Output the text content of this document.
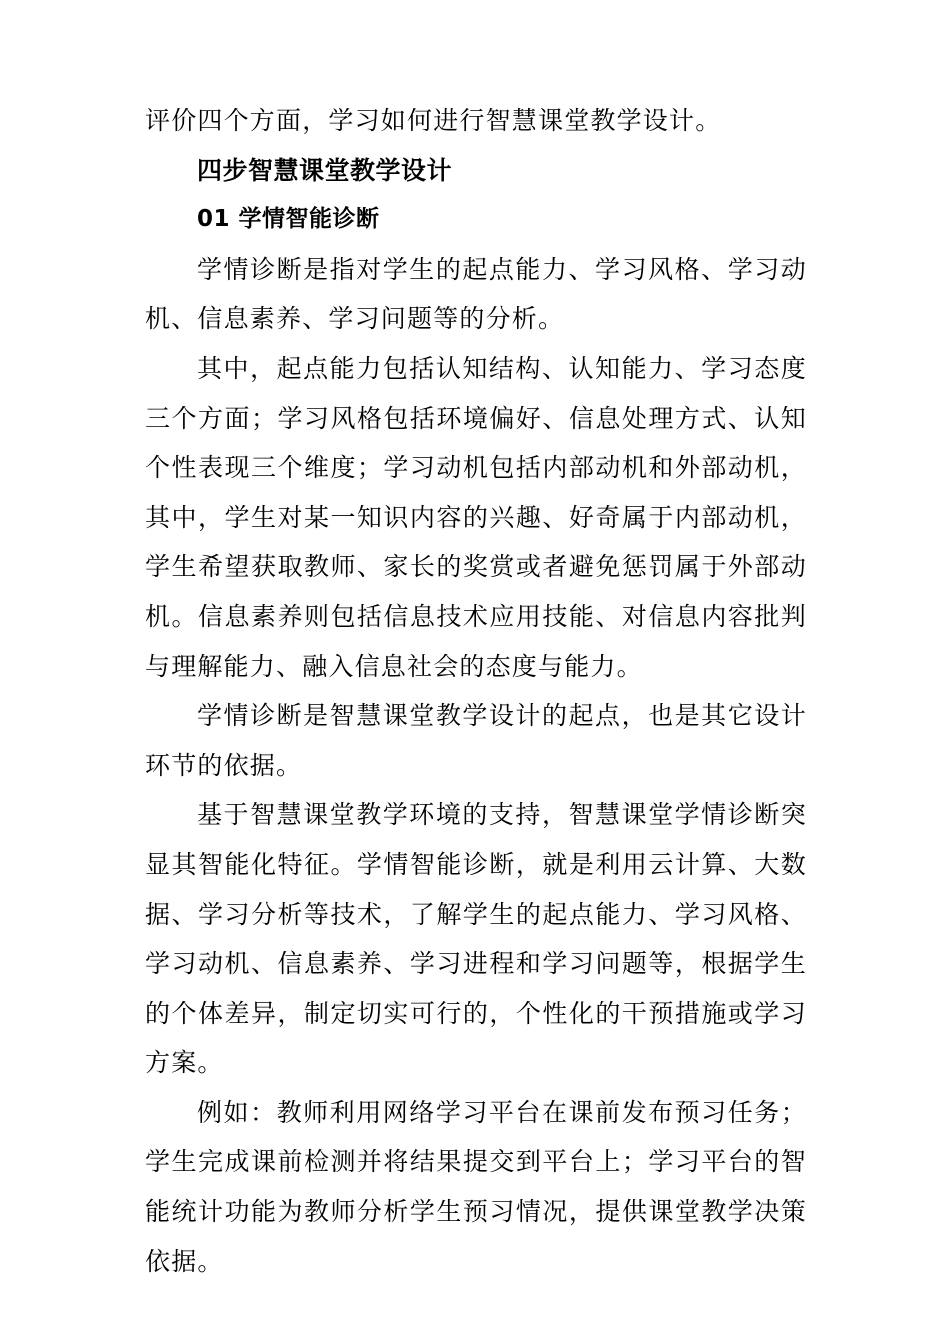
评价四个方面，学习如何进行智慧课堂教学设计。

四步智慧课堂教学设计
01 学情智能诊断

学情诊断是指对学生的起点能力、学习风格、学习动机、信息素养、学习问题等的分析。

其中，起点能力包括认知结构、认知能力、学习态度三个方面；学习风格包括环境偏好、信息处理方式、认知个性表现三个维度；学习动机包括内部动机和外部动机，其中，学生对某一知识内容的兴趣、好奇属于内部动机，学生希望获取教师、家长的奖赏或者避免惩罚属于外部动机。信息素养则包括信息技术应用技能、对信息内容批判与理解能力、融入信息社会的态度与能力。

学情诊断是智慧课堂教学设计的起点，也是其它设计环节的依据。

基于智慧课堂教学环境的支持，智慧课堂学情诊断突显其智能化特征。学情智能诊断，就是利用云计算、大数据、学习分析等技术，了解学生的起点能力、学习风格、学习动机、信息素养、学习进程和学习问题等，根据学生的个体差异，制定切实可行的，个性化的干预措施或学习方案。

例如：教师利用网络学习平台在课前发布预习任务；学生完成课前检测并将结果提交到平台上；学习平台的智能统计功能为教师分析学生预习情况，提供课堂教学决策依据。
